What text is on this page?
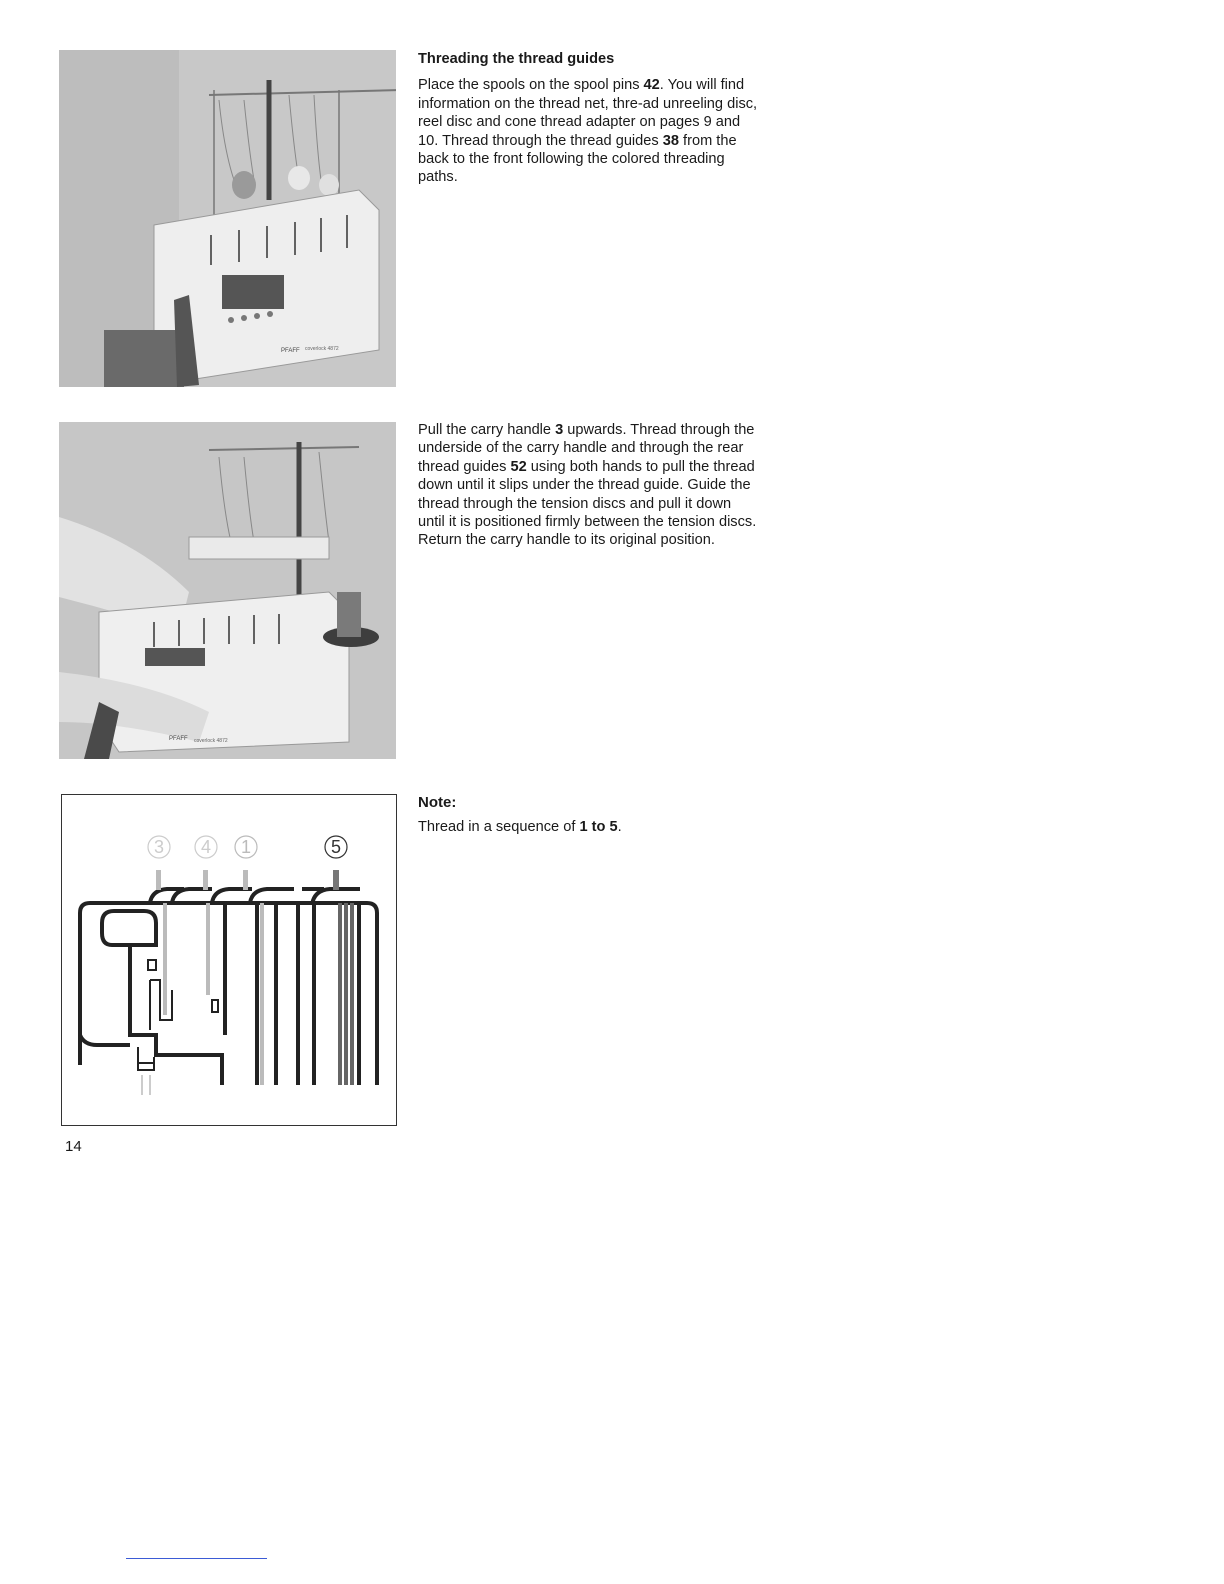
PFAFF coverlock 4872

Threading the thread guides

Place the spools on the spool pins 42. You will find information on the thread net, thre-ad unreeling disc, reel disc and cone thread adapter on pages 9 and 10. Thread through the thread guides 38 from the back to the front following the colored threading paths.

PFAFF coverlock 4872

Pull the carry handle 3 upwards. Thread through the underside of the carry handle and through the rear thread guides 52 using both hands to pull the thread down until it slips under the thread guide. Guide the thread through the tension discs and pull it down until it is positioned firmly between the tension discs. Return the carry handle to its original position.

3 4 1	5

Note:

Thread in a sequence of 1 to 5.

14
